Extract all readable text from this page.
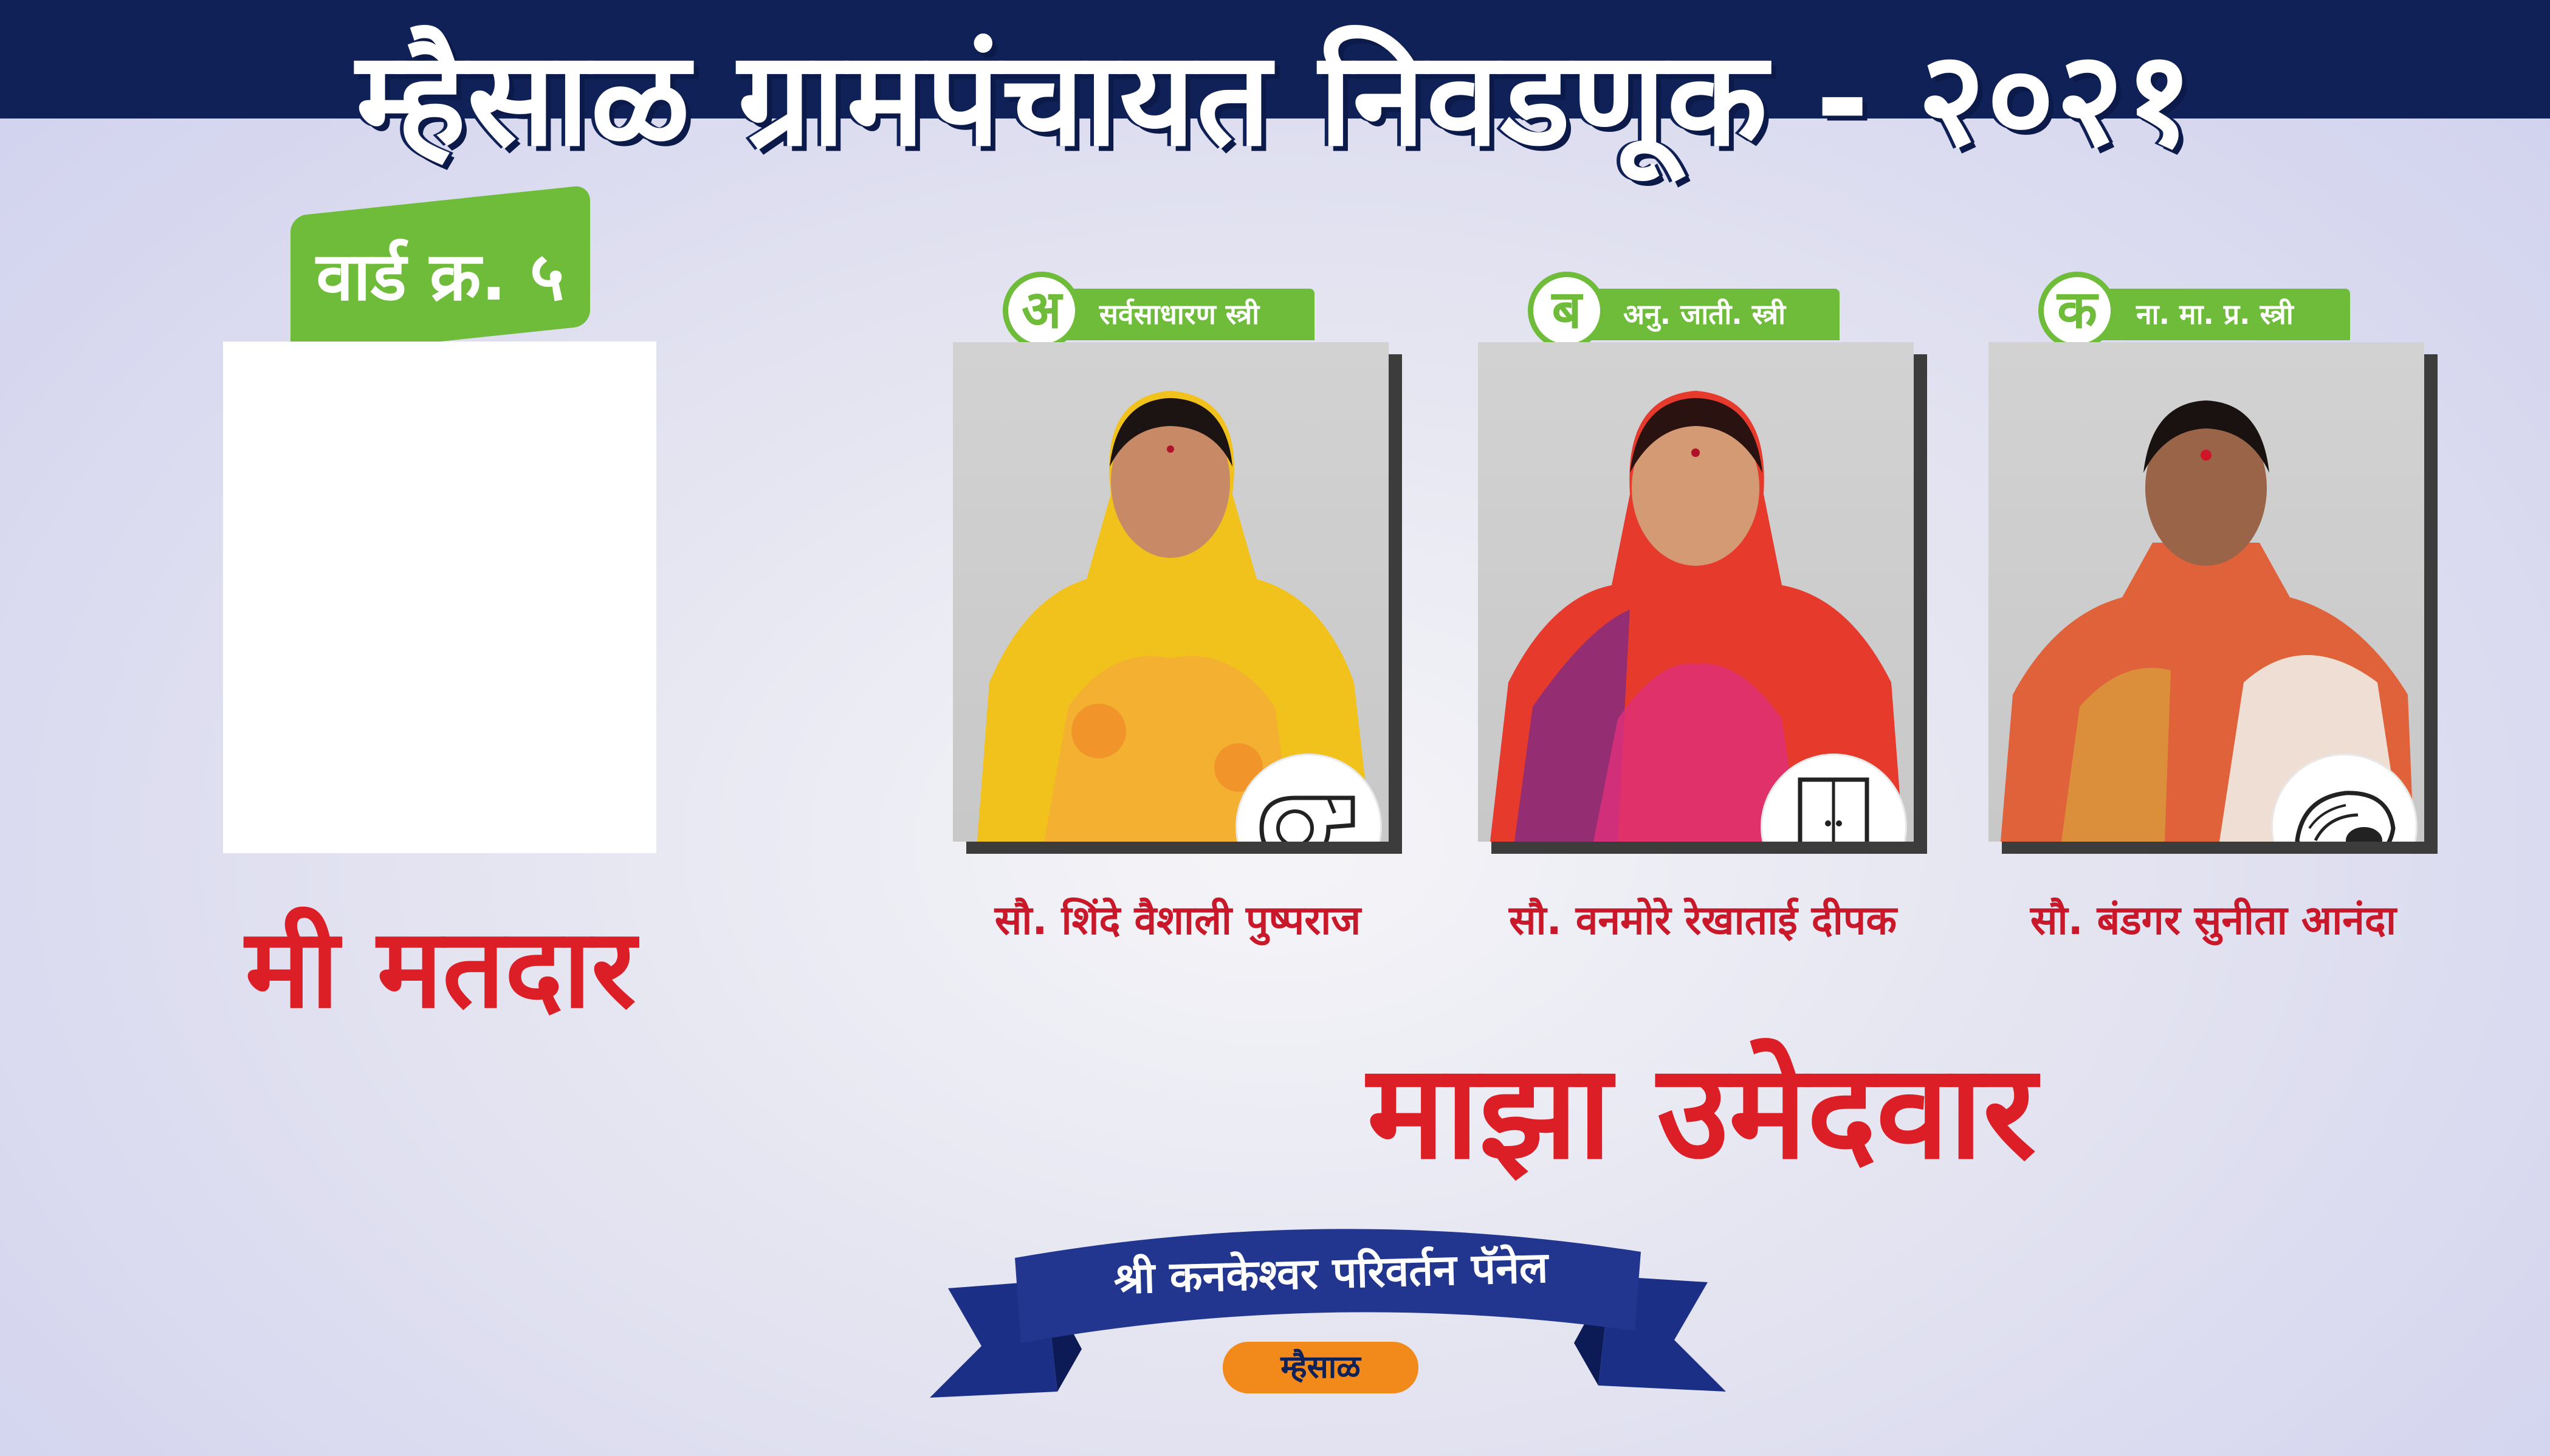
म्हैसाळ ग्रामपंचायत निवडणूक - २०२१
वार्ड क्र. ५
मी मतदार
सर्वसाधारण स्त्री
अ
सौ. शिंदे वैशाली पुष्पराज
अनु. जाती. स्त्री
ब
सौ. वनमोरे रेखाताई दीपक
ना. मा. प्र. स्त्री
क
सौ. बंडगर सुनीता आनंदा
माझा उमेदवार
श्री कनकेश्वर परिवर्तन पॅनेल
म्हैसाळ
